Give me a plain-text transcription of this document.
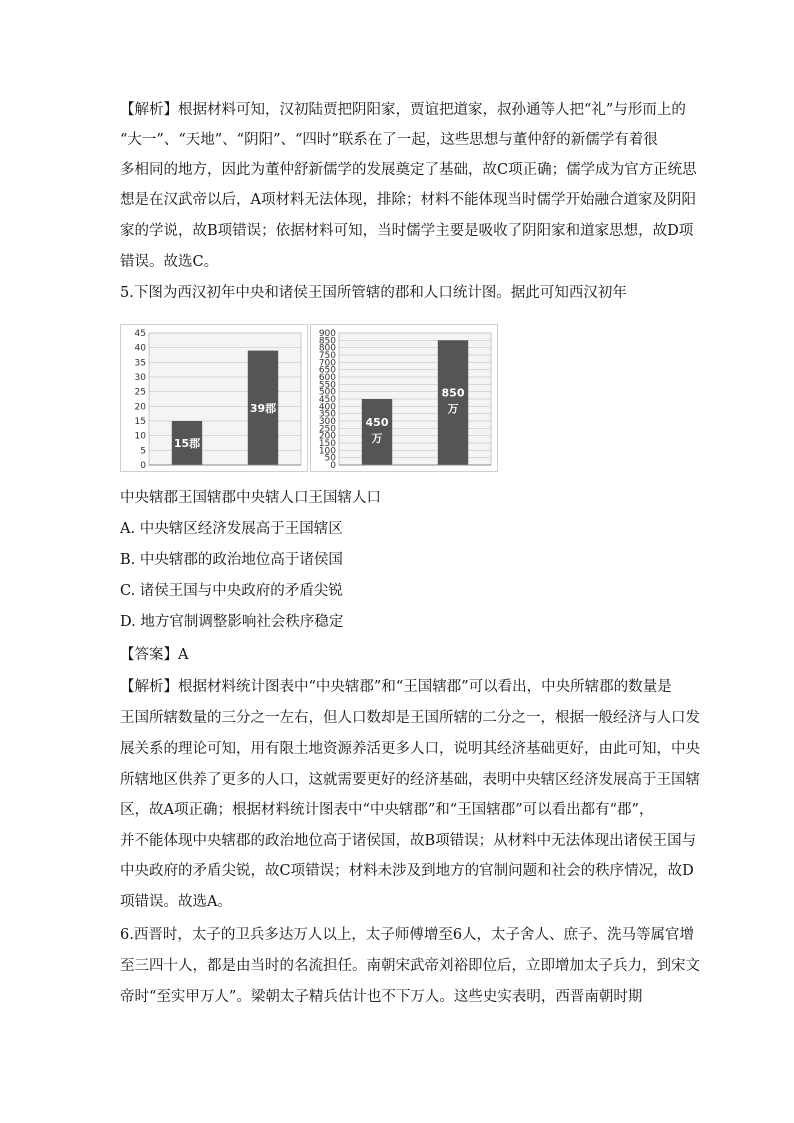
【解析】根据材料可知，汉初陆贾把阴阳家，贾谊把道家，叔孙通等人把“礼”与形而上的
“大一”、“天地”、“阴阳”、“四时”联系在了一起，这些思想与董仲舒的新儒学有着很
多相同的地方，因此为董仲舒新儒学的发展奠定了基础，故C项正确；儒学成为官方正统思
想是在汉武帝以后，A项材料无法体现，排除；材料不能体现当时儒学开始融合道家及阴阳
家的学说，故B项错误；依据材料可知，当时儒学主要是吸收了阴阳家和道家思想，故D项
错误。故选C。
5.下图为西汉初年中央和诸侯王国所管辖的郡和人口统计图。据此可知西汉初年
0
5
10
15
20
25
30
35
40
45
15郡
39郡
0
50
100
150
200
250
300
350
400
450
500
550
600
650
700
750
800
850
900
450
万
850
万
中央辖郡王国辖郡中央辖人口王国辖人口
A. 中央辖区经济发展高于王国辖区
B. 中央辖郡的政治地位高于诸侯国
C. 诸侯王国与中央政府的矛盾尖锐
D. 地方官制调整影响社会秩序稳定
【答案】A
【解析】根据材料统计图表中“中央辖郡”和“王国辖郡”可以看出，中央所辖郡的数量是
王国所辖数量的三分之一左右，但人口数却是王国所辖的二分之一，根据一般经济与人口发
展关系的理论可知，用有限土地资源养活更多人口，说明其经济基础更好，由此可知，中央
所辖地区供养了更多的人口，这就需要更好的经济基础，表明中央辖区经济发展高于王国辖
区，故A项正确；根据材料统计图表中“中央辖郡”和“王国辖郡”可以看出都有“郡”，
并不能体现中央辖郡的政治地位高于诸侯国，故B项错误；从材料中无法体现出诸侯王国与
中央政府的矛盾尖锐，故C项错误；材料未涉及到地方的官制问题和社会的秩序情况，故D
项错误。故选A。
6.西晋时，太子的卫兵多达万人以上，太子师傅增至6人，太子舍人、庶子、洗马等属官增
至三四十人，都是由当时的名流担任。南朝宋武帝刘裕即位后，立即增加太子兵力，到宋文
帝时“至实甲万人”。梁朝太子精兵估计也不下万人。这些史实表明，西晋南朝时期
